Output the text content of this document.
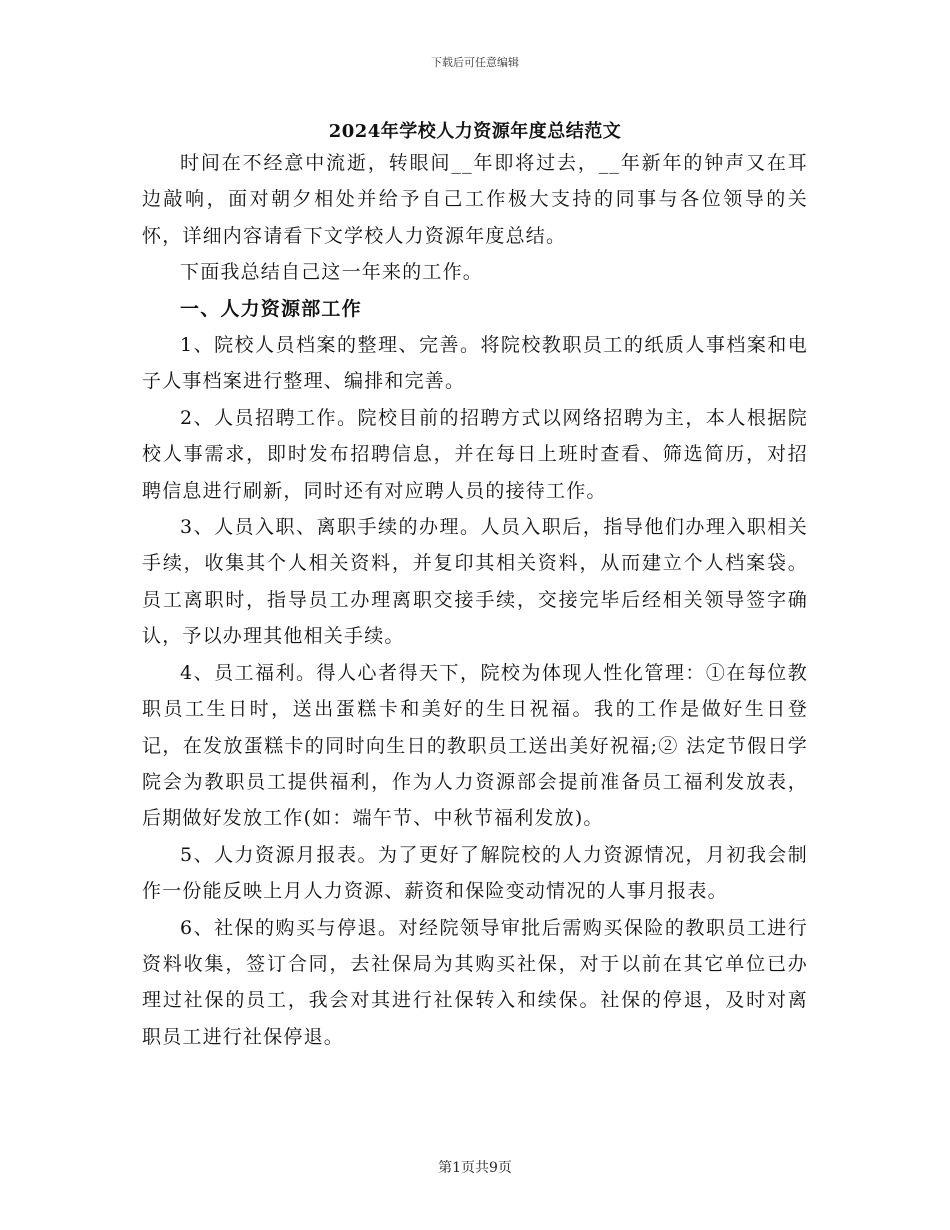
下载后可任意编辑
2024年学校人力资源年度总结范文

时间在不经意中流逝，转眼间__年即将过去，__年新年的钟声又在耳边敲响，面对朝夕相处并给予自己工作极大支持的同事与各位领导的关怀，详细内容请看下文学校人力资源年度总结。

下面我总结自己这一年来的工作。

一、人力资源部工作

1、院校人员档案的整理、完善。将院校教职员工的纸质人事档案和电子人事档案进行整理、编排和完善。

2、人员招聘工作。院校目前的招聘方式以网络招聘为主，本人根据院校人事需求，即时发布招聘信息，并在每日上班时查看、筛选简历，对招聘信息进行刷新，同时还有对应聘人员的接待工作。

3、人员入职、离职手续的办理。人员入职后，指导他们办理入职相关手续，收集其个人相关资料，并复印其相关资料，从而建立个人档案袋。员工离职时，指导员工办理离职交接手续，交接完毕后经相关领导签字确认，予以办理其他相关手续。

4、员工福利。得人心者得天下，院校为体现人性化管理：①在每位教职员工生日时，送出蛋糕卡和美好的生日祝福。我的工作是做好生日登记，在发放蛋糕卡的同时向生日的教职员工送出美好祝福;② 法定节假日学院会为教职员工提供福利，作为人力资源部会提前准备员工福利发放表，后期做好发放工作(如：端午节、中秋节福利发放)。

5、人力资源月报表。为了更好了解院校的人力资源情况，月初我会制作一份能反映上月人力资源、薪资和保险变动情况的人事月报表。

6、社保的购买与停退。对经院领导审批后需购买保险的教职员工进行资料收集，签订合同，去社保局为其购买社保，对于以前在其它单位已办理过社保的员工，我会对其进行社保转入和续保。社保的停退，及时对离职员工进行社保停退。

第1页共9页
